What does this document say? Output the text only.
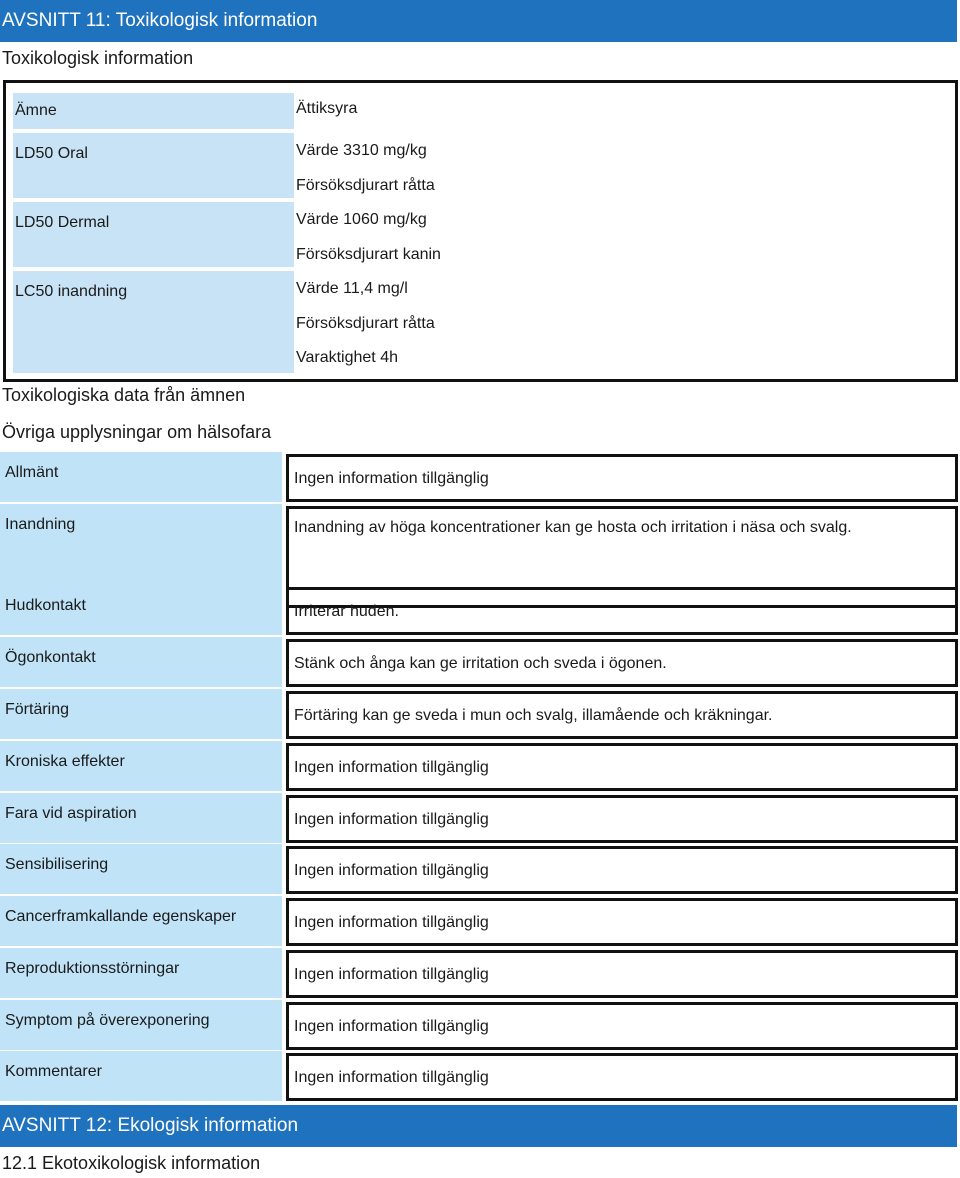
AVSNITT 11: Toxikologisk information
Toxikologisk information
Ämne	Ättiksyra
LD50 Oral	Värde 3310 mg/kg
Försöksdjurart råtta
LD50 Dermal	Värde 1060 mg/kg
Försöksdjurart kanin
LC50 inandning	Värde 11,4 mg/l
Försöksdjurart råtta
Varaktighet 4h
Toxikologiska data från ämnen
Övriga upplysningar om hälsofara
Allmänt	Ingen information tillgänglig
Inandning	Inandning av höga koncentrationer kan ge hosta och irritation i näsa och svalg.
Hudkontakt	Irriterar huden.
Ögonkontakt	Stänk och ånga kan ge irritation och sveda i ögonen.
Förtäring	Förtäring kan ge sveda i mun och svalg, illamående och kräkningar.
Kroniska effekter	Ingen information tillgänglig
Fara vid aspiration	Ingen information tillgänglig
Sensibilisering	Ingen information tillgänglig
Cancerframkallande egenskaper	Ingen information tillgänglig
Reproduktionsstörningar	Ingen information tillgänglig
Symptom på överexponering	Ingen information tillgänglig
Kommentarer	Ingen information tillgänglig
AVSNITT 12: Ekologisk information
12.1 Ekotoxikologisk information
